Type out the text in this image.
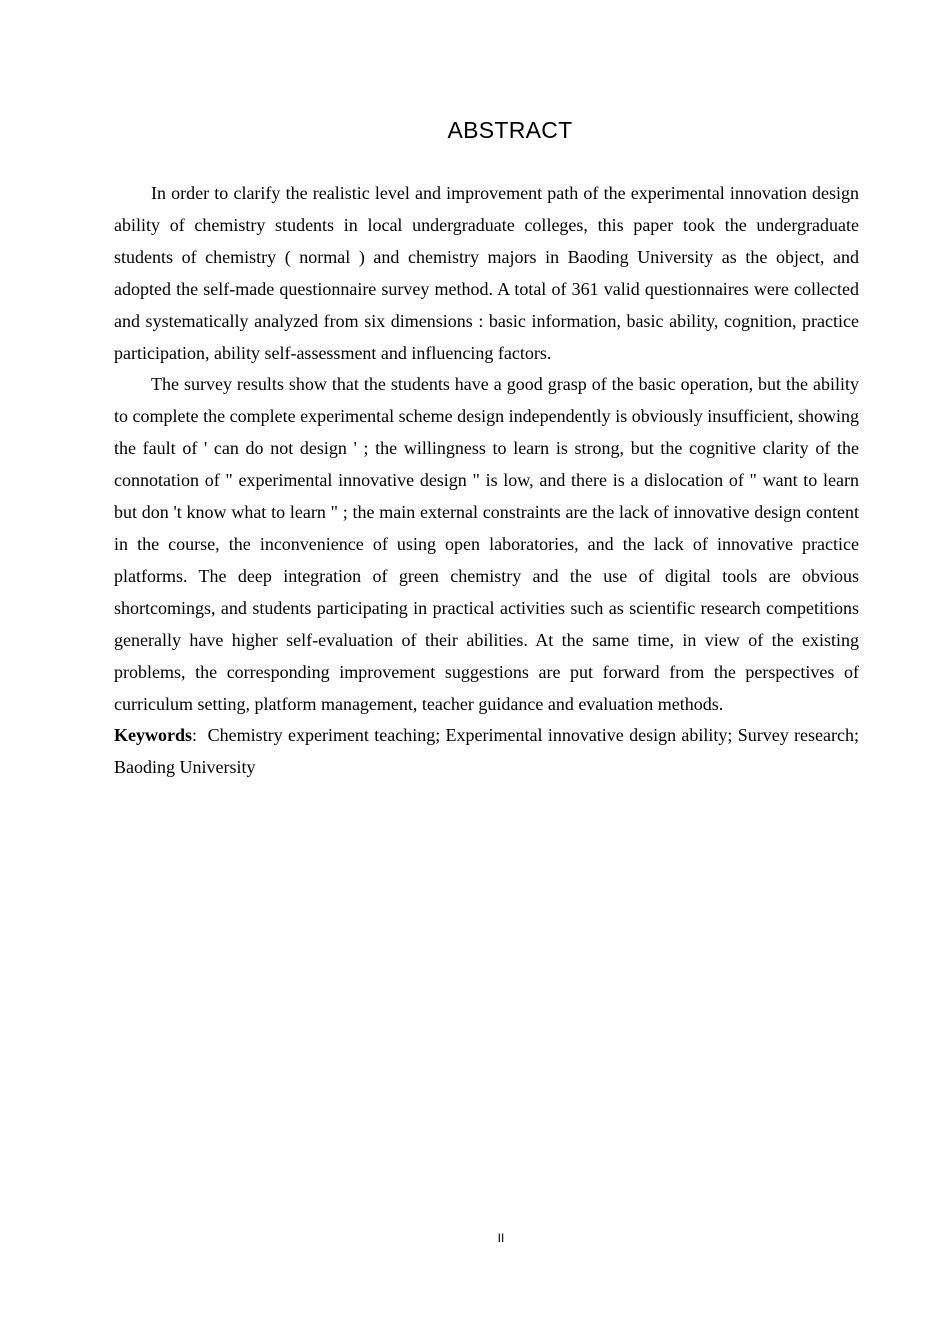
ABSTRACT

In order to clarify the realistic level and improvement path of the experimental innovation design ability of chemistry students in local undergraduate colleges, this paper took the undergraduate students of chemistry ( normal ) and chemistry majors in Baoding University as the object, and adopted the self-made questionnaire survey method. A total of 361 valid questionnaires were collected and systematically analyzed from six dimensions : basic information, basic ability, cognition, practice participation, ability self-assessment and influencing factors.

The survey results show that the students have a good grasp of the basic operation, but the ability to complete the complete experimental scheme design independently is obviously insufficient, showing the fault of ' can do not design ' ; the willingness to learn is strong, but the cognitive clarity of the connotation of " experimental innovative design " is low, and there is a dislocation of " want to learn but don 't know what to learn " ; the main external constraints are the lack of innovative design content in the course, the inconvenience of using open laboratories, and the lack of innovative practice platforms. The deep integration of green chemistry and the use of digital tools are obvious shortcomings, and students participating in practical activities such as scientific research competitions generally have higher self-evaluation of their abilities. At the same time, in view of the existing problems, the corresponding improvement suggestions are put forward from the perspectives of curriculum setting, platform management, teacher guidance and evaluation methods.

Keywords: Chemistry experiment teaching; Experimental innovative design ability; Survey research; Baoding University

II
